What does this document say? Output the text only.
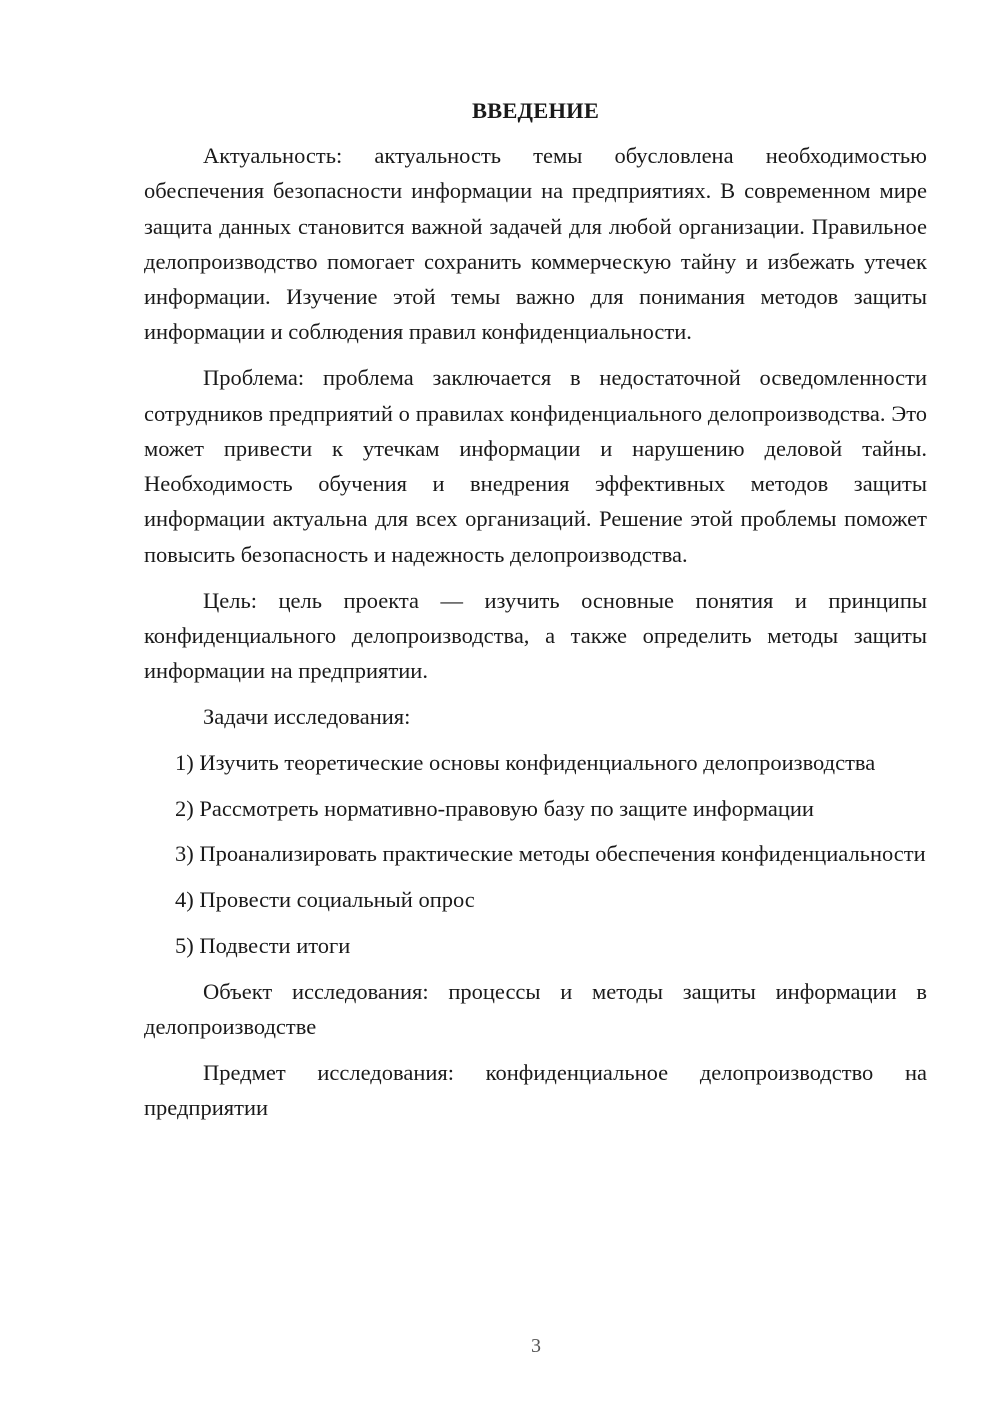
ВВЕДЕНИЕ

Актуальность: актуальность темы обусловлена необходимостью обеспечения безопасности информации на предприятиях. В современном мире защита данных становится важной задачей для любой организации. Правильное делопроизводство помогает сохранить коммерческую тайну и избежать утечек информации. Изучение этой темы важно для понимания методов защиты информации и соблюдения правил конфиденциальности.

Проблема: проблема заключается в недостаточной осведомленности сотрудников предприятий о правилах конфиденциального делопроизводства. Это может привести к утечкам информации и нарушению деловой тайны. Необходимость обучения и внедрения эффективных методов защиты информации актуальна для всех организаций. Решение этой проблемы поможет повысить безопасность и надежность делопроизводства.

Цель: цель проекта — изучить основные понятия и принципы конфиденциального делопроизводства, а также определить методы защиты информации на предприятии.

Задачи исследования:

1) Изучить теоретические основы конфиденциального делопроизводства

2) Рассмотреть нормативно-правовую базу по защите информации

3) Проанализировать практические методы обеспечения конфиденциальности

4) Провести социальный опрос

5) Подвести итоги

Объект исследования: процессы и методы защиты информации в делопроизводстве

Предмет исследования: конфиденциальное делопроизводство на предприятии

3
